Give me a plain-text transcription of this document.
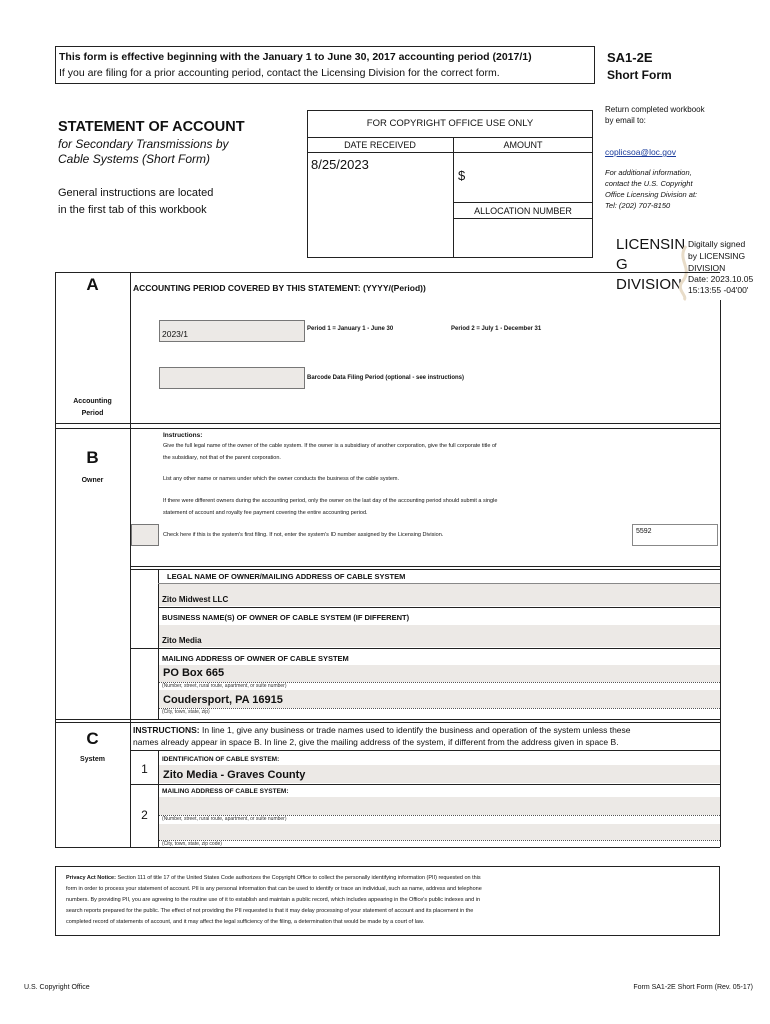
This form is effective beginning with the January 1 to June 30, 2017 accounting period (2017/1)
If you are filing for a prior accounting period, contact the Licensing Division for the correct form.
SA1-2E
Short Form
STATEMENT OF ACCOUNT
for Secondary Transmissions by
Cable Systems (Short Form)
General instructions are located
in the first tab of this workbook
FOR COPYRIGHT OFFICE USE ONLY
DATE RECEIVED	AMOUNT
8/25/2023
$
ALLOCATION NUMBER
Return completed workbook
by email to:
coplicsoa@loc.gov
For additional information,
contact the U.S. Copyright
Office Licensing Division at:
Tel: (202) 707-8150
LICENSIN
G
DIVISION
Digitally signed
by LICENSING
DIVISION
Date: 2023.10.05
15:13:55 -04'00'
A	ACCOUNTING PERIOD COVERED BY THIS STATEMENT: (YYYY/(Period))
2023/1	Period 1 = January 1 - June 30	Period 2 = July 1 - December 31
Barcode Data Filing Period (optional - see instructions)
Accounting
Period
B
Owner
Instructions:
Give the full legal name of the owner of the cable system. If the owner is a subsidiary of another corporation, give the full corporate title of
the subsidiary, not that of the parent corporation.
List any other name or names under which the owner conducts the business of the cable system.
If there were different owners during the accounting period, only the owner on the last day of the accounting period should submit a single
statement of account and royalty fee payment covering the entire accounting period.
Check here if this is the system's first filing. If not, enter the system's ID number assigned by the Licensing Division.	5592
LEGAL NAME OF OWNER/MAILING ADDRESS OF CABLE SYSTEM
Zito Midwest LLC
BUSINESS NAME(S) OF OWNER OF CABLE SYSTEM (IF DIFFERENT)
Zito Media
MAILING ADDRESS OF OWNER OF CABLE SYSTEM
PO Box 665
(Number, street, rural route, apartment, or suite number)
Coudersport, PA 16915
(City, town, state, zip)
C
System
INSTRUCTIONS: In line 1, give any business or trade names used to identify the business and operation of the system unless these
names already appear in space B. In line 2, give the mailing address of the system, if different from the address given in space B.
1
IDENTIFICATION OF CABLE SYSTEM:
Zito Media - Graves County
MAILING ADDRESS OF CABLE SYSTEM:
2	(Number, street, rural route, apartment, or suite number)
(City, town, state, zip code)
Privacy Act Notice: Section 111 of title 17 of the United States Code authorizes the Copyright Office to collect the personally identifying information (PII) requested on this
form in order to process your statement of account. PII is any personal information that can be used to identify or trace an individual, such as name, address and telephone
numbers. By providing PII, you are agreeing to the routine use of it to establish and maintain a public record, which includes appearing in the Office's public indexes and in
search reports prepared for the public. The effect of not providing the PII requested is that it may delay processing of your statement of account and its placement in the
completed record of statements of account, and it may affect the legal sufficiency of the filing, a determination that would be made by a court of law.
U.S. Copyright Office	Form SA1-2E Short Form (Rev. 05-17)
